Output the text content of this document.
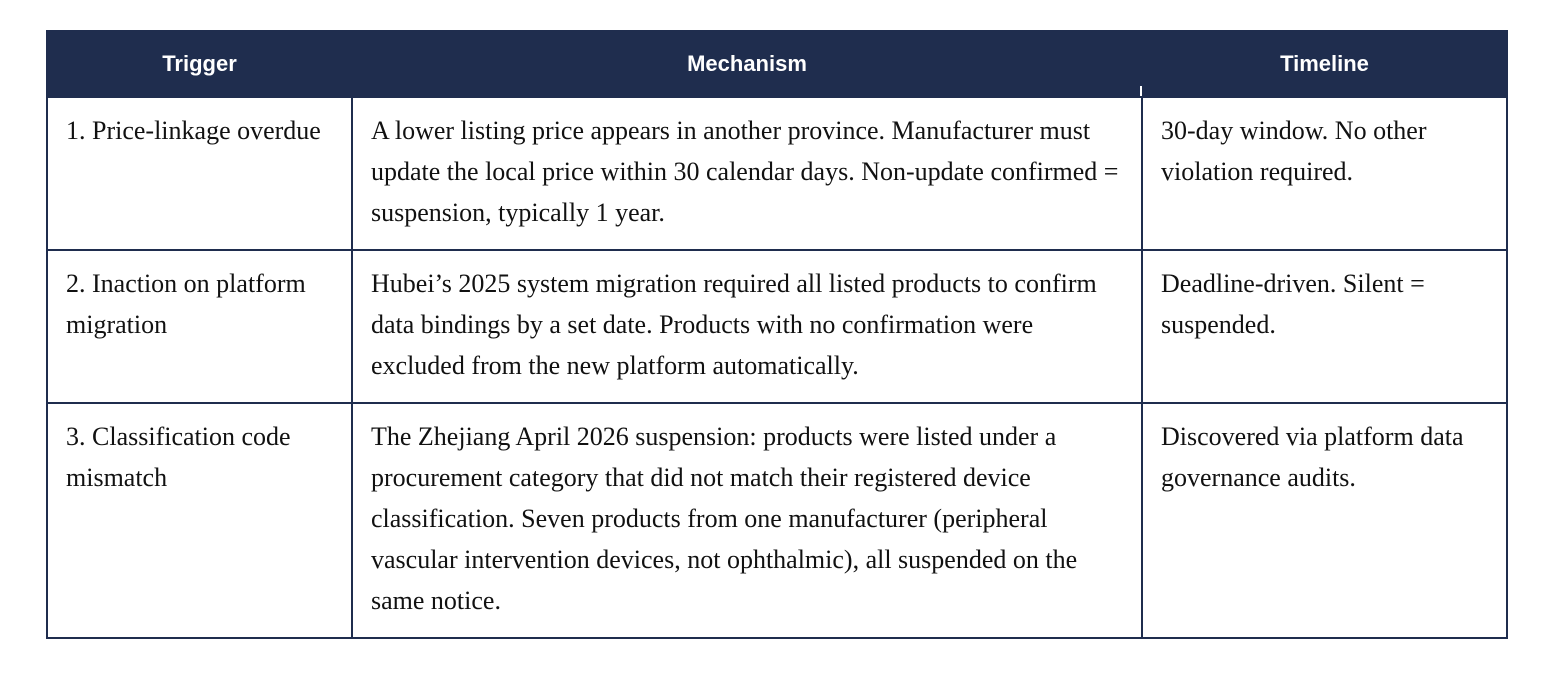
Trigger	Mechanism	Timeline
1. Price-linkage overdue	A lower listing price appears in another province. Manufacturer must update the local price within 30 calendar days. Non-update confirmed = suspension, typically 1 year.	30-day window. No other violation required.
2. Inaction on platform migration	Hubei’s 2025 system migration required all listed products to confirm data bindings by a set date. Products with no confirmation were excluded from the new platform automatically.	Deadline-driven. Silent = suspended.
3. Classification code mismatch	The Zhejiang April 2026 suspension: products were listed under a procurement category that did not match their registered device classification. Seven products from one manufacturer (peripheral vascular intervention devices, not ophthalmic), all suspended on the same notice.	Discovered via platform data governance audits.
